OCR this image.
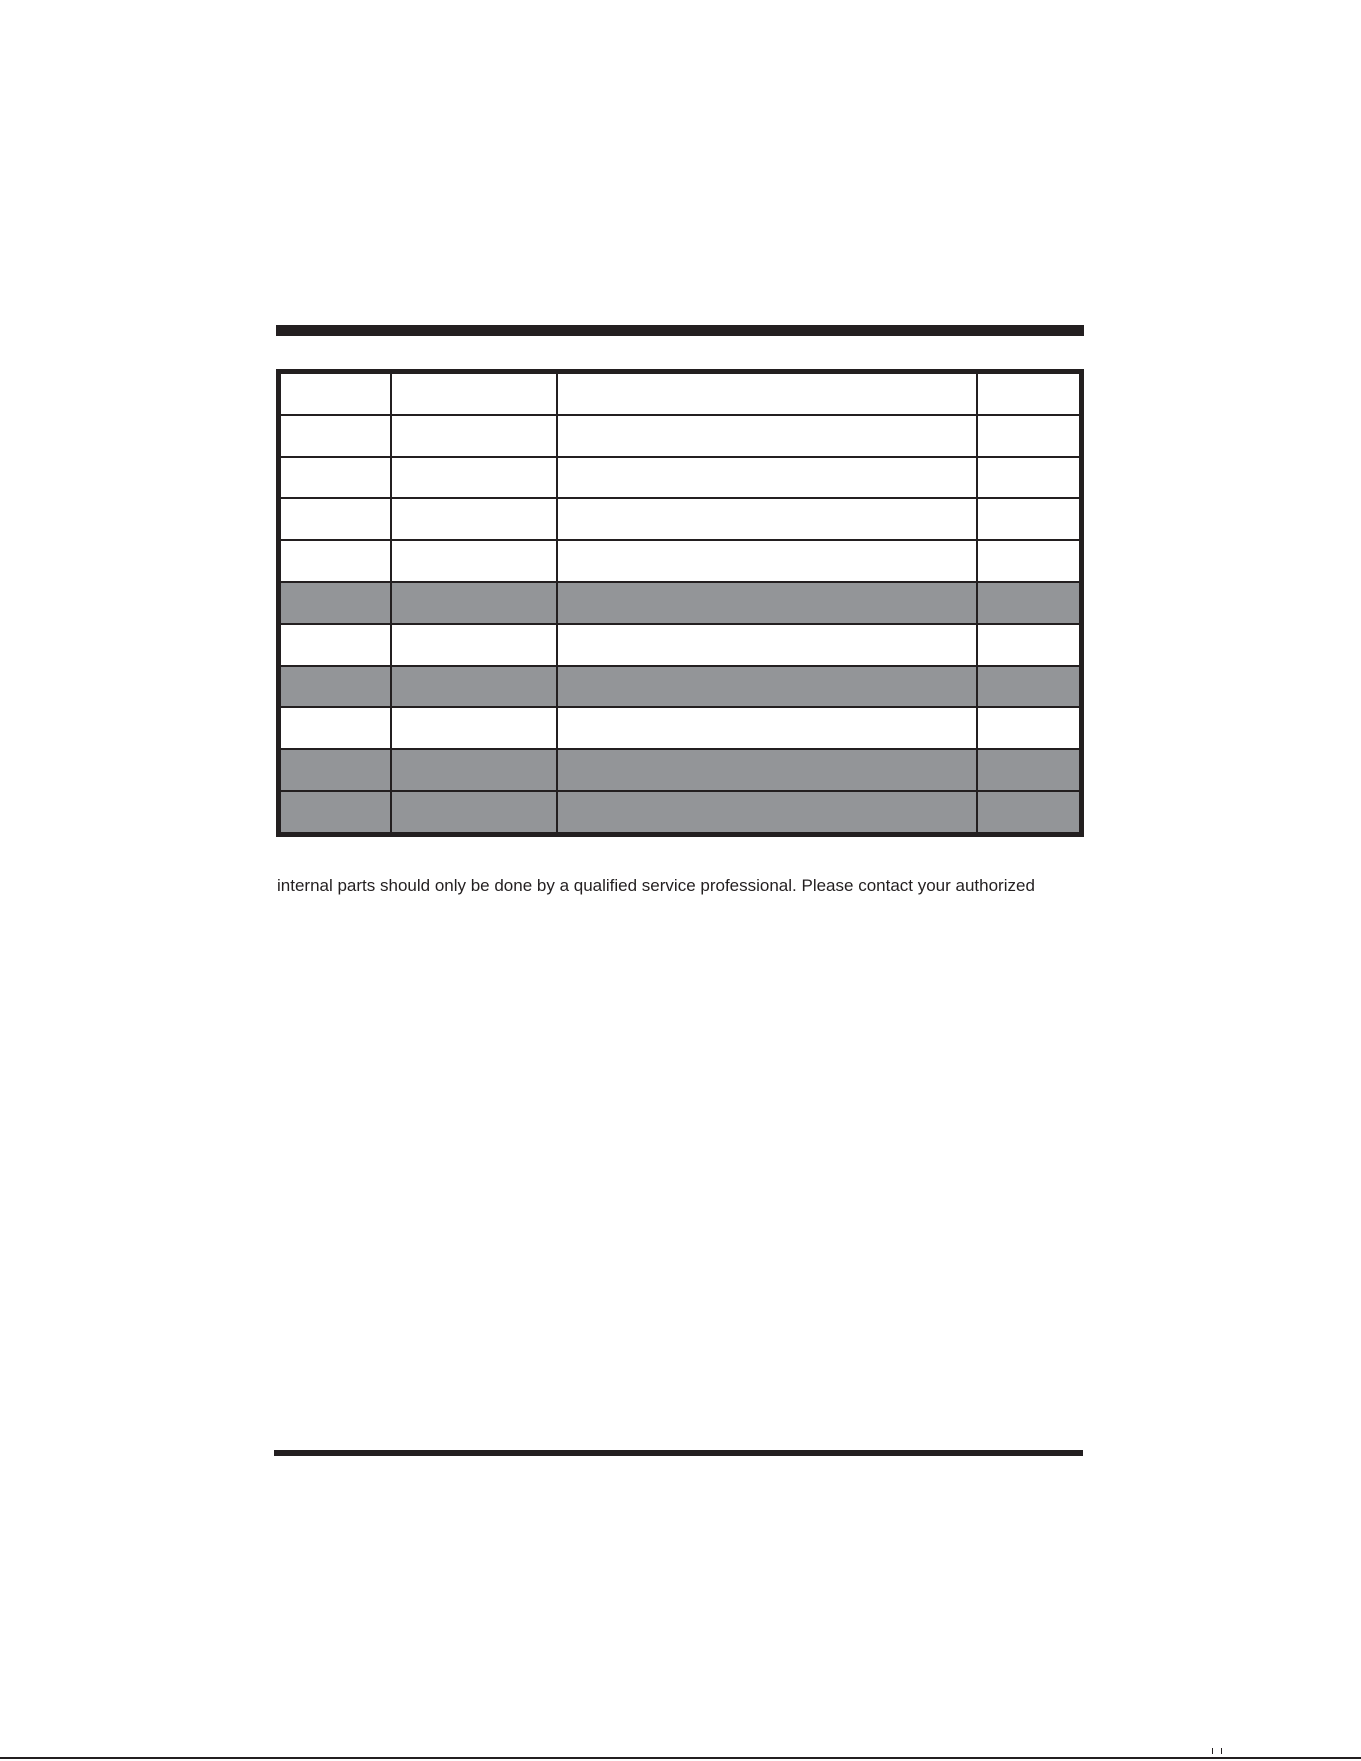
internal parts should only be done by a qualified service professional. Please contact your authorized
